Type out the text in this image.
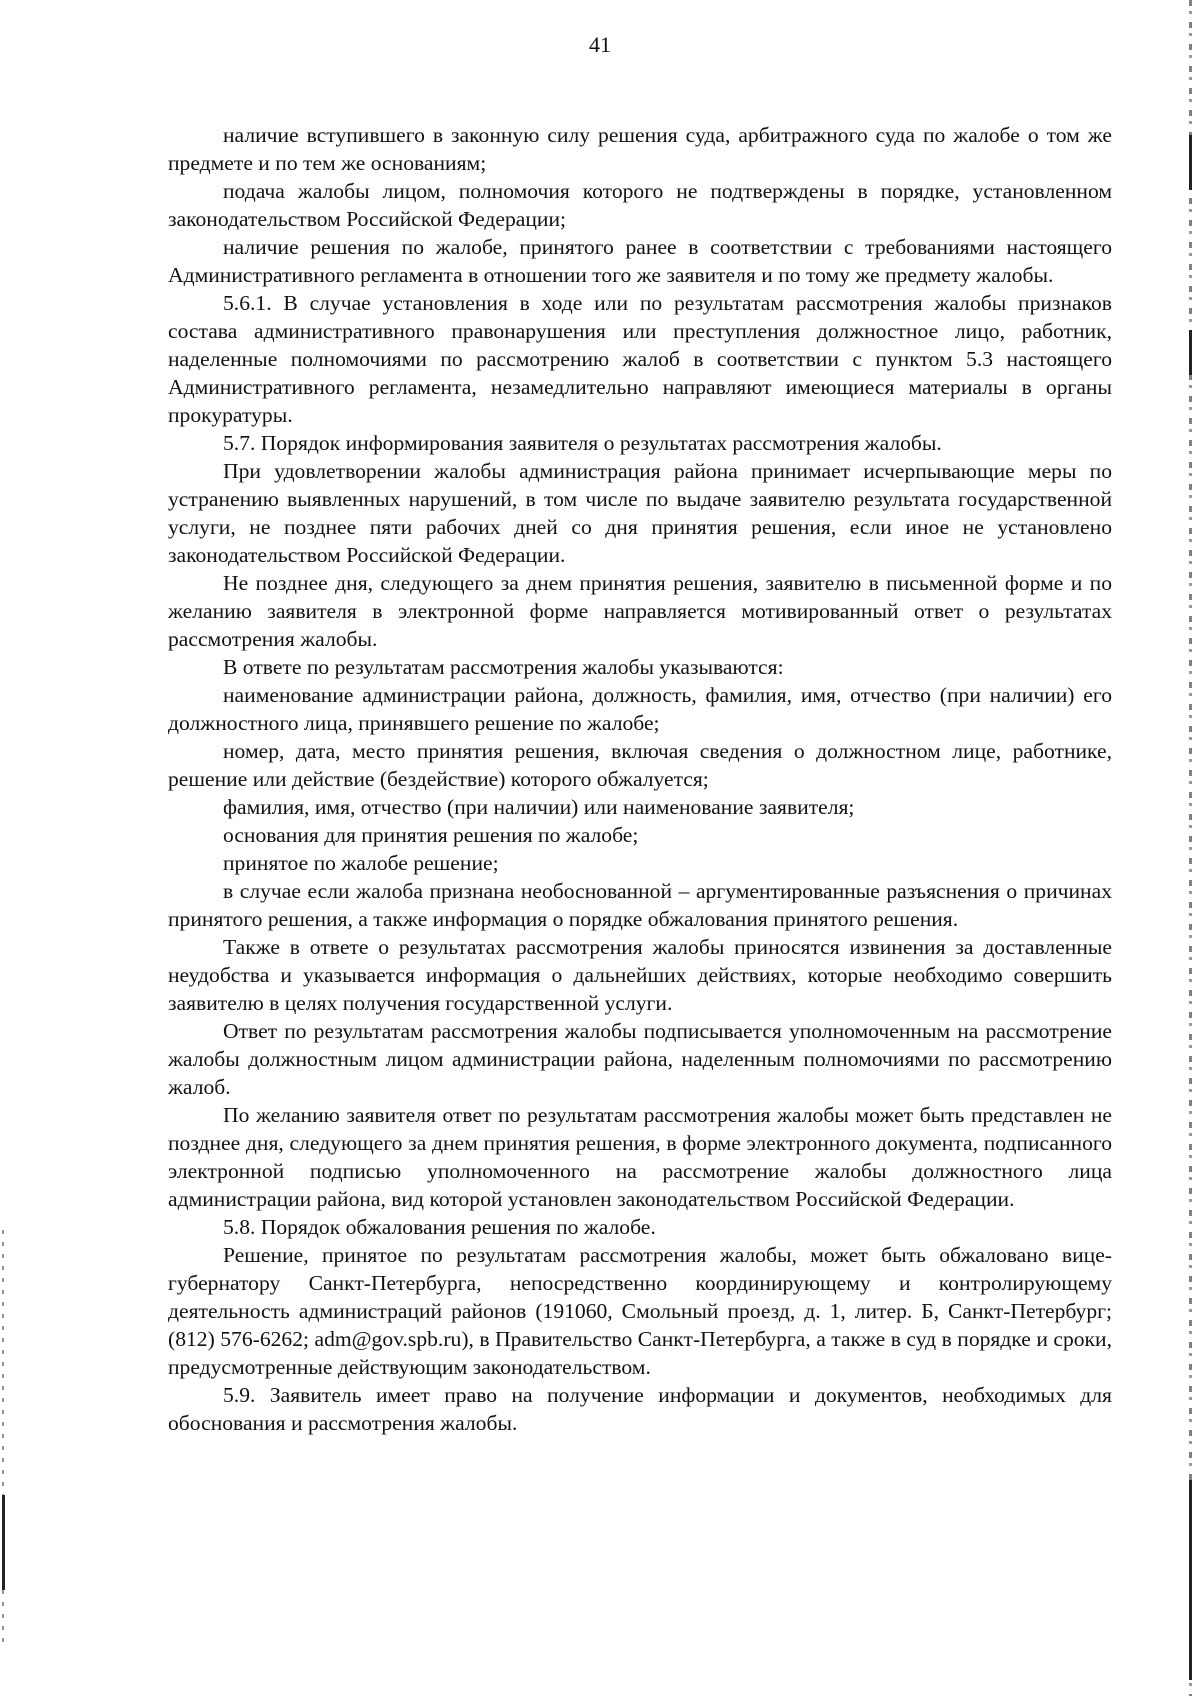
41

наличие вступившего в законную силу решения суда, арбитражного суда по жалобе о том же предмете и по тем же основаниям;

подача жалобы лицом, полномочия которого не подтверждены в порядке, установленном законодательством Российской Федерации;

наличие решения по жалобе, принятого ранее в соответствии с требованиями настоящего Административного регламента в отношении того же заявителя и по тому же предмету жалобы.

5.6.1. В случае установления в ходе или по результатам рассмотрения жалобы признаков состава административного правонарушения или преступления должностное лицо, работник, наделенные полномочиями по рассмотрению жалоб в соответствии с пунктом 5.3 настоящего Административного регламента, незамедлительно направляют имеющиеся материалы в органы прокуратуры.

5.7. Порядок информирования заявителя о результатах рассмотрения жалобы.

При удовлетворении жалобы администрация района принимает исчерпывающие меры по устранению выявленных нарушений, в том числе по выдаче заявителю результата государственной услуги, не позднее пяти рабочих дней со дня принятия решения, если иное не установлено законодательством Российской Федерации.

Не позднее дня, следующего за днем принятия решения, заявителю в письменной форме и по желанию заявителя в электронной форме направляется мотивированный ответ о результатах рассмотрения жалобы.

В ответе по результатам рассмотрения жалобы указываются:

наименование администрации района, должность, фамилия, имя, отчество (при наличии) его должностного лица, принявшего решение по жалобе;

номер, дата, место принятия решения, включая сведения о должностном лице, работнике, решение или действие (бездействие) которого обжалуется;

фамилия, имя, отчество (при наличии) или наименование заявителя;

основания для принятия решения по жалобе;

принятое по жалобе решение;

в случае если жалоба признана необоснованной – аргументированные разъяснения о причинах принятого решения, а также информация о порядке обжалования принятого решения.

Также в ответе о результатах рассмотрения жалобы приносятся извинения за доставленные неудобства и указывается информация о дальнейших действиях, которые необходимо совершить заявителю в целях получения государственной услуги.

Ответ по результатам рассмотрения жалобы подписывается уполномоченным на рассмотрение жалобы должностным лицом администрации района, наделенным полномочиями по рассмотрению жалоб.

По желанию заявителя ответ по результатам рассмотрения жалобы может быть представлен не позднее дня, следующего за днем принятия решения, в форме электронного документа, подписанного электронной подписью уполномоченного на рассмотрение жалобы должностного лица администрации района, вид которой установлен законодательством Российской Федерации.

5.8. Порядок обжалования решения по жалобе.

Решение, принятое по результатам рассмотрения жалобы, может быть обжаловано вице-губернатору Санкт-Петербурга, непосредственно координирующему и контролирующему деятельность администраций районов (191060, Смольный проезд, д. 1, литер. Б, Санкт-Петербург; (812) 576-6262; adm@gov.spb.ru), в Правительство Санкт-Петербурга, а также в суд в порядке и сроки, предусмотренные действующим законодательством.

5.9. Заявитель имеет право на получение информации и документов, необходимых для обоснования и рассмотрения жалобы.
